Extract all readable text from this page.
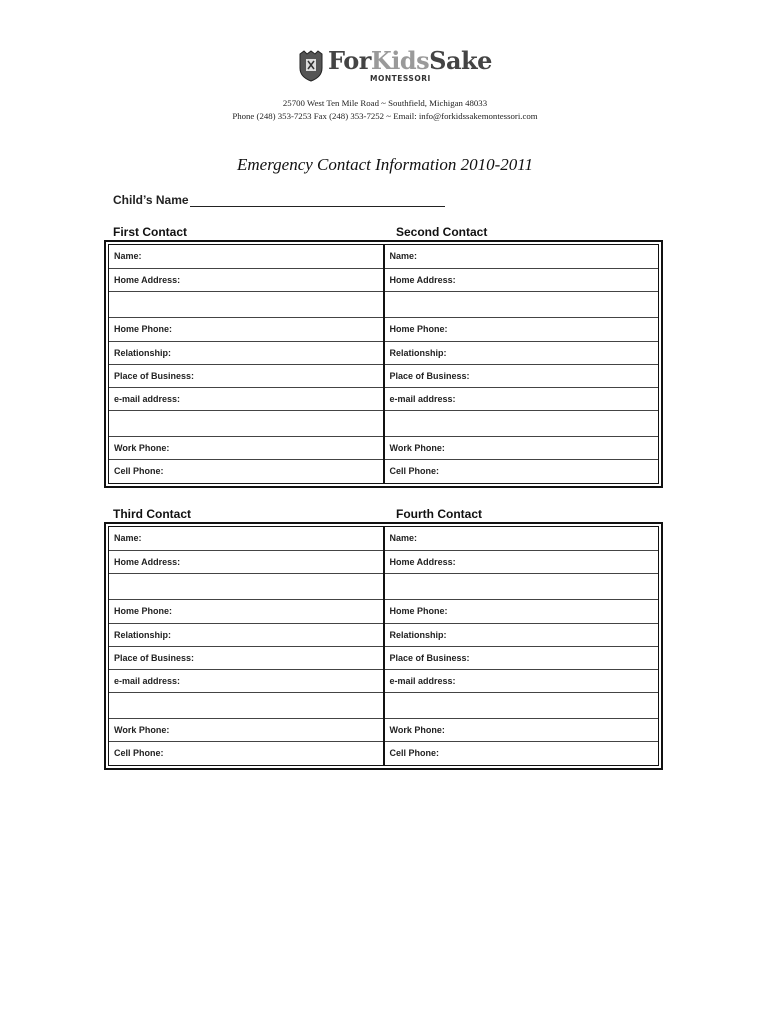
ForKidsSake
MONTESSORI
25700 West Ten Mile Road ~ Southfield, Michigan 48033
Phone (248) 353-7253 Fax (248) 353-7252 ~ Email: info@forkidssakemontessori.com
Emergency Contact Information 2010-2011
Child’s Name
First Contact	Second Contact
Name:
Home Address:
Home Phone:
Relationship:
Place of Business:
e-mail address:
Work Phone:
Cell Phone:
Name:
Home Address:
Home Phone:
Relationship:
Place of Business:
e-mail address:
Work Phone:
Cell Phone:
Third Contact	Fourth Contact
Name:
Home Address:
Home Phone:
Relationship:
Place of Business:
e-mail address:
Work Phone:
Cell Phone:
Name:
Home Address:
Home Phone:
Relationship:
Place of Business:
e-mail address:
Work Phone:
Cell Phone:
